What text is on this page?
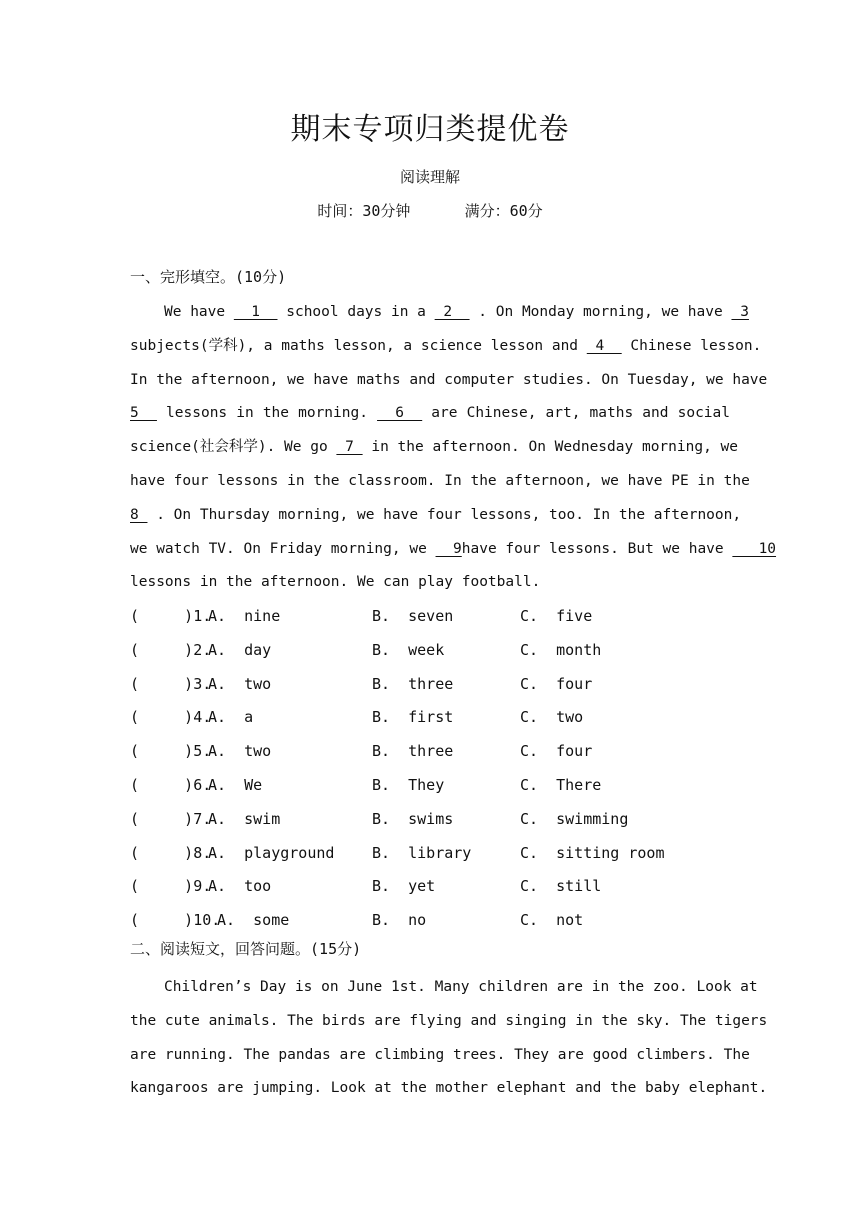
期末专项归类提优卷
阅读理解
时间：30分钟	满分：60分
一、完形填空。(10分)
We have   1   school days in a  2   . On Monday morning, we have  3
subjects(学科), a maths lesson, a science lesson and  4   Chinese lesson.
In the afternoon, we have maths and computer studies. On Tuesday, we have
5   lessons in the morning.   6   are Chinese, art, maths and social
science(社会科学). We go  7  in the afternoon. On Wednesday morning, we
have four lessons in the classroom. In the afternoon, we have PE in the
8  . On Thursday morning, we have four lessons, too. In the afternoon,
we watch TV. On Friday morning, we   9have four lessons. But we have    10
lessons in the afternoon. We can play football.
(     )1.
A.  nine	B.  seven	C.  five
(     )2.
A.  day	B.  week	C.  month
(     )3.
A.  two	B.  three	C.  four
(     )4.
A.  a	B.  first	C.  two
(     )5.
A.  two	B.  three	C.  four
(     )6.
A.  We	B.  They	C.  There
(     )7.
A.  swim	B.  swims	C.  swimming
(     )8.
A.  playground	B.  library	C.  sitting room
(     )9.
A.  too	B.  yet	C.  still
(     )10.
A.  some	B.  no	C.  not
二、阅读短文，回答问题。(15分)
Children’s Day is on June 1st. Many children are in the zoo. Look at
the cute animals. The birds are flying and singing in the sky. The tigers
are running. The pandas are climbing trees. They are good climbers. The
kangaroos are jumping. Look at the mother elephant and the baby elephant.
